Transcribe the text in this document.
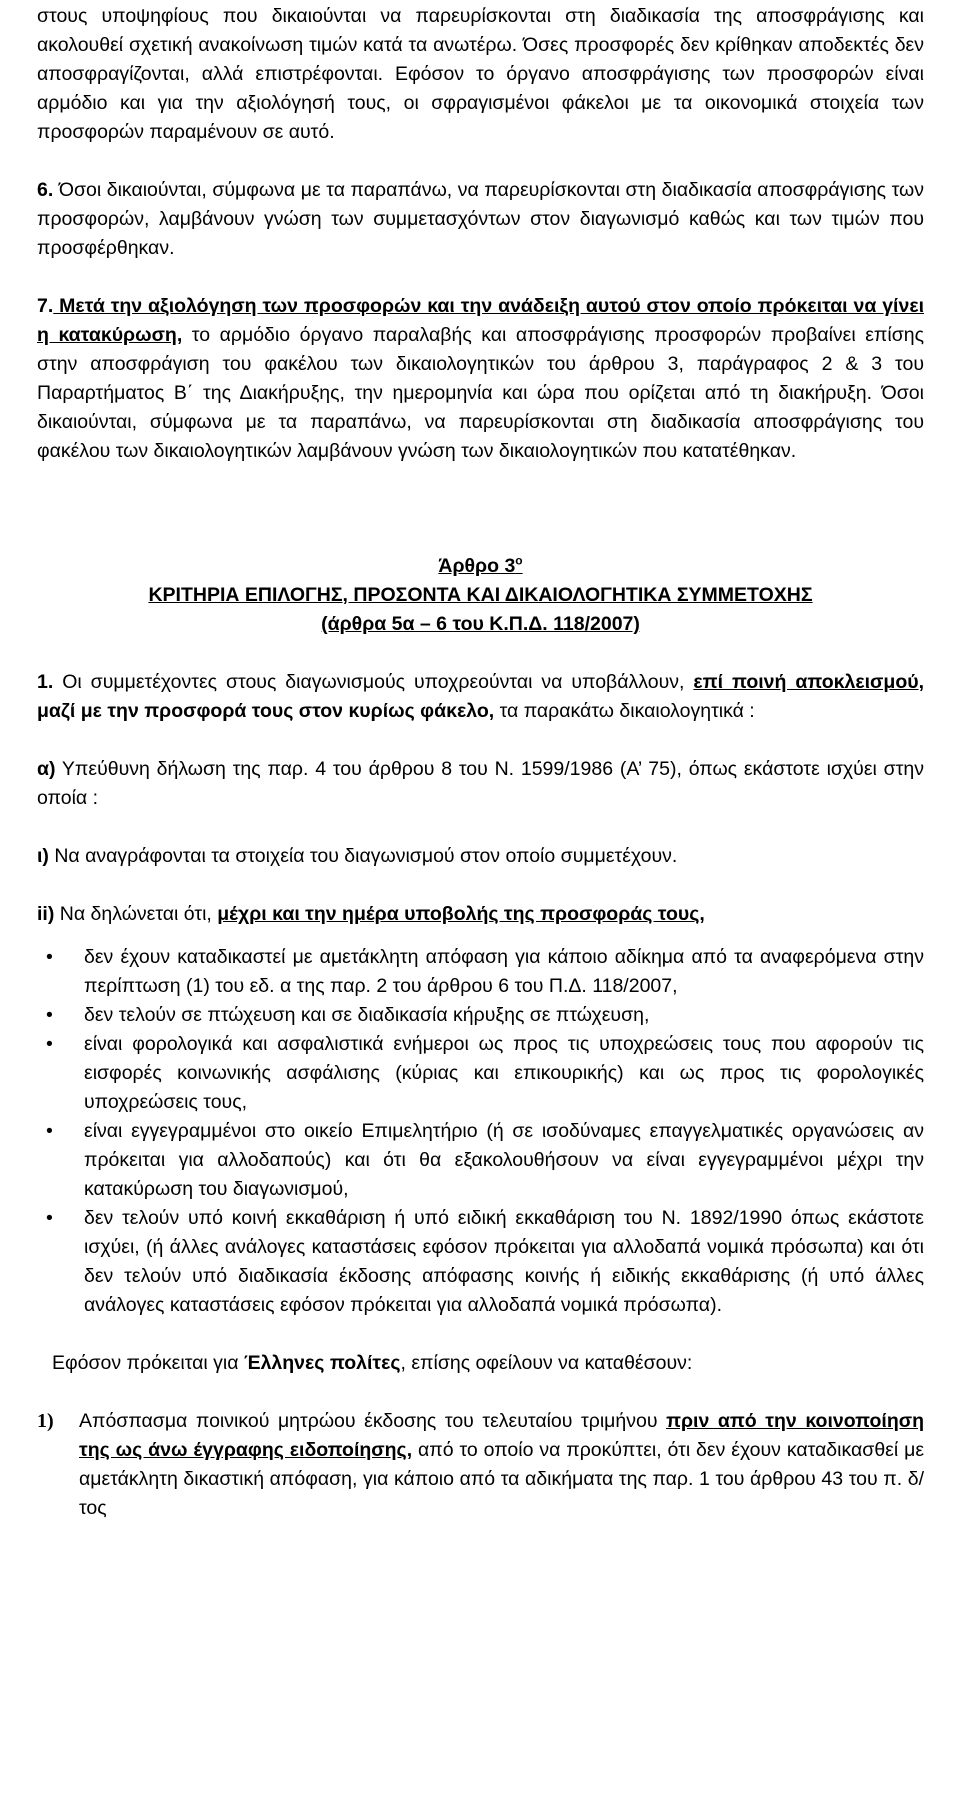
στους υποψηφίους που δικαιούνται να παρευρίσκονται στη διαδικασία της αποσφράγισης και ακολουθεί σχετική ανακοίνωση τιμών κατά τα ανωτέρω. Όσες προσφορές δεν κρίθηκαν αποδεκτές δεν αποσφραγίζονται, αλλά επιστρέφονται. Εφόσον το όργανο αποσφράγισης των προσφορών είναι αρμόδιο και για την αξιολόγησή τους, οι σφραγισμένοι φάκελοι με τα οικονομικά στοιχεία των προσφορών παραμένουν σε αυτό.

6. Όσοι δικαιούνται, σύμφωνα με τα παραπάνω, να παρευρίσκονται στη διαδικασία αποσφράγισης των προσφορών, λαμβάνουν γνώση των συμμετασχόντων στον διαγωνισμό καθώς και των τιμών που προσφέρθηκαν.

7. Μετά την αξιολόγηση των προσφορών και την ανάδειξη αυτού στον οποίο πρόκειται να γίνει η κατακύρωση, το αρμόδιο όργανο παραλαβής και αποσφράγισης προσφορών προβαίνει επίσης στην αποσφράγιση του φακέλου των δικαιολογητικών του άρθρου 3, παράγραφος 2 & 3 του Παραρτήματος Β΄ της Διακήρυξης, την ημερομηνία και ώρα που ορίζεται από τη διακήρυξη. Όσοι δικαιούνται, σύμφωνα με τα παραπάνω, να παρευρίσκονται στη διαδικασία αποσφράγισης του φακέλου των δικαιολογητικών λαμβάνουν γνώση των δικαιολογητικών που κατατέθηκαν.

Άρθρο $3^o$

ΚΡΙΤΗΡΙΑ ΕΠΙΛΟΓΗΣ, ΠΡΟΣΟΝΤΑ ΚΑΙ ΔΙΚΑΙΟΛΟΓΗΤΙΚΑ ΣΥΜΜΕΤΟΧΗΣ

(άρθρα 5α – 6 του Κ.Π.Δ. 118/2007)

1. Οι συμμετέχοντες στους διαγωνισμούς υποχρεούνται να υποβάλλουν, επί ποινή αποκλεισμού, μαζί με την προσφορά τους στον κυρίως φάκελο, τα παρακάτω δικαιολογητικά :

α) Υπεύθυνη δήλωση της παρ. 4 του άρθρου 8 του Ν. 1599/1986 (Α’ 75), όπως εκάστοτε ισχύει στην οποία :

ι) Να αναγράφονται τα στοιχεία του διαγωνισμού στον οποίο συμμετέχουν.

ii) Να δηλώνεται ότι, μέχρι και την ημέρα υποβολής της προσφοράς τους,

• δεν έχουν καταδικαστεί με αμετάκλητη απόφαση για κάποιο αδίκημα από τα αναφερόμενα στην περίπτωση (1) του εδ. α της παρ. 2 του άρθρου 6 του Π.Δ. 118/2007,
• δεν τελούν σε πτώχευση και σε διαδικασία κήρυξης σε πτώχευση,
• είναι φορολογικά και ασφαλιστικά ενήμεροι ως προς τις υποχρεώσεις τους που αφορούν τις εισφορές κοινωνικής ασφάλισης (κύριας και επικουρικής) και ως προς τις φορολογικές υποχρεώσεις τους,
• είναι εγγεγραμμένοι στο οικείο Επιμελητήριο (ή σε ισοδύναμες επαγγελματικές οργανώσεις αν πρόκειται για αλλοδαπούς) και ότι θα εξακολουθήσουν να είναι εγγεγραμμένοι μέχρι την κατακύρωση του διαγωνισμού,
• δεν τελούν υπό κοινή εκκαθάριση ή υπό ειδική εκκαθάριση του Ν. 1892/1990 όπως εκάστοτε ισχύει, (ή άλλες ανάλογες καταστάσεις εφόσον πρόκειται για αλλοδαπά νομικά πρόσωπα) και ότι δεν τελούν υπό διαδικασία έκδοσης απόφασης κοινής ή ειδικής εκκαθάρισης (ή υπό άλλες ανάλογες καταστάσεις εφόσον πρόκειται για αλλοδαπά νομικά πρόσωπα).

Εφόσον πρόκειται για Έλληνες πολίτες, επίσης οφείλουν να καταθέσουν:

1) Απόσπασμα ποινικού μητρώου έκδοσης του τελευταίου τριμήνου πριν από την κοινοποίηση της ως άνω έγγραφης ειδοποίησης, από το οποίο να προκύπτει, ότι δεν έχουν καταδικασθεί με αμετάκλητη δικαστική απόφαση, για κάποιο από τα αδικήματα της παρ. 1 του άρθρου 43 του π. δ/τος
